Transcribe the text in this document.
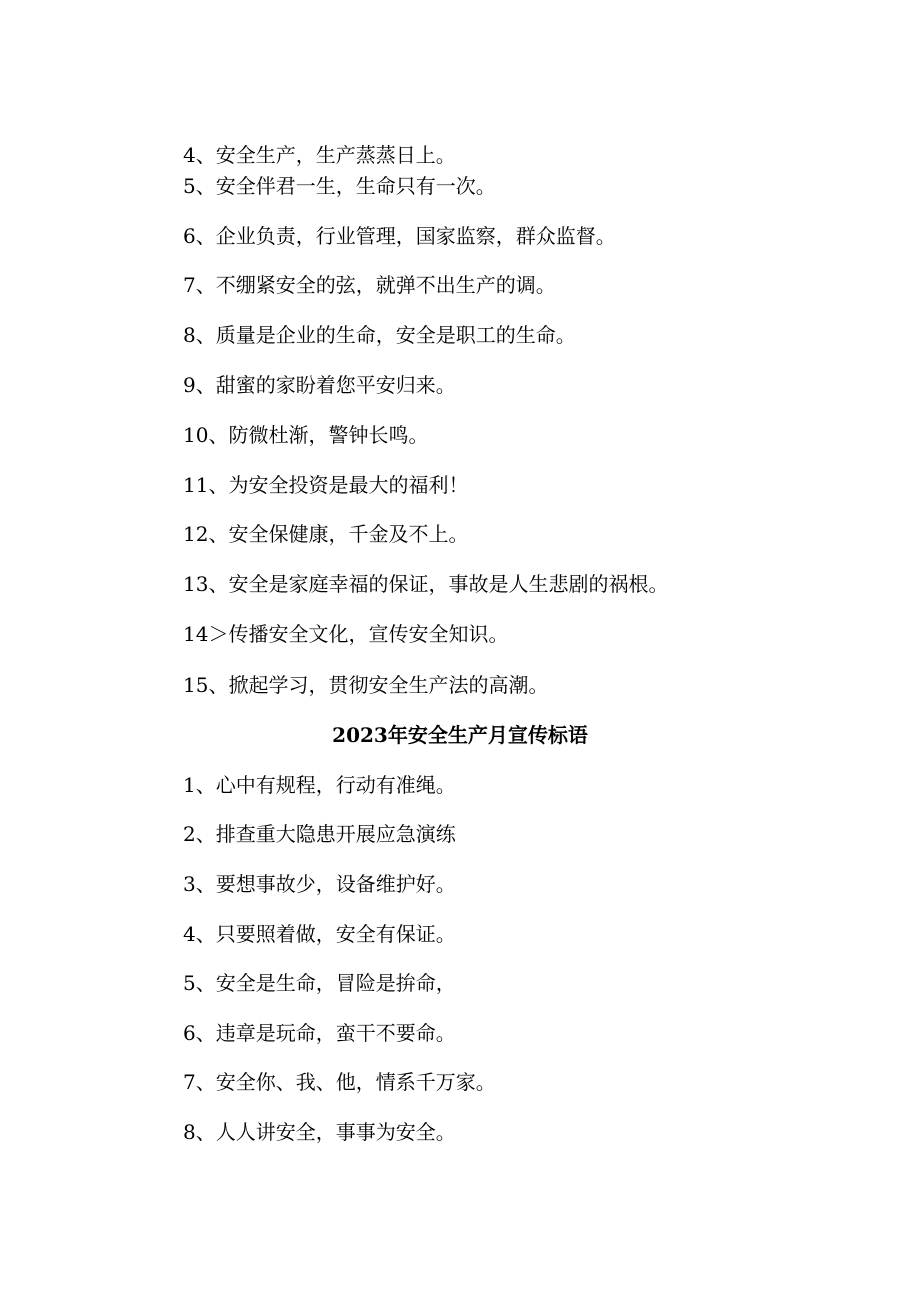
4、安全生产，生产蒸蒸日上。
5、安全伴君一生，生命只有一次。
6、企业负责，行业管理，国家监察，群众监督。
7、不绷紧安全的弦，就弹不出生产的调。
8、质量是企业的生命，安全是职工的生命。
9、甜蜜的家盼着您平安归来。
10、防微杜渐，警钟长鸣。
11、为安全投资是最大的福利！
12、安全保健康，千金及不上。
13、安全是家庭幸福的保证，事故是人生悲剧的祸根。
14＞传播安全文化，宣传安全知识。
15、掀起学习，贯彻安全生产法的高潮。
2023年安全生产月宣传标语
1、心中有规程，行动有准绳。
2、排查重大隐患开展应急演练
3、要想事故少，设备维护好。
4、只要照着做，安全有保证。
5、安全是生命，冒险是拚命，
6、违章是玩命，蛮干不要命。
7、安全你、我、他，情系千万家。
8、人人讲安全，事事为安全。
